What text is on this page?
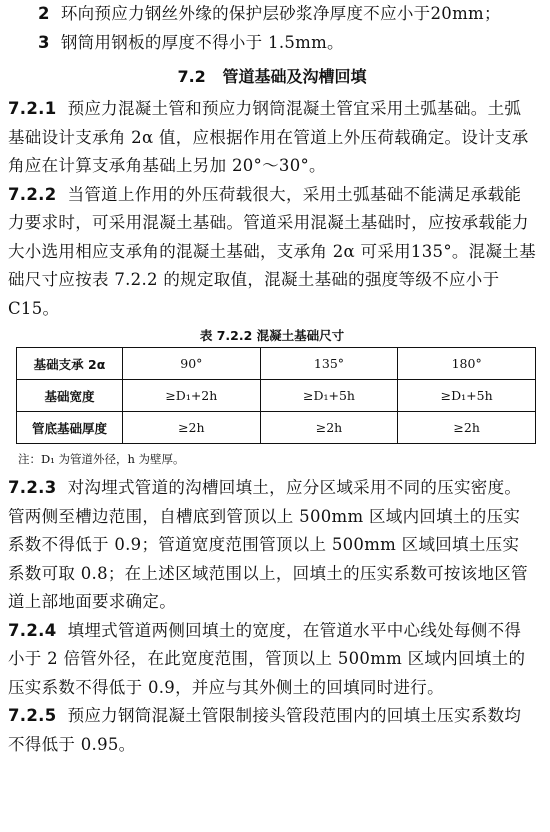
2 环向预应力钢丝外缘的保护层砂浆净厚度不应小于20mm；

3 钢筒用钢板的厚度不得小于 1.5mm。

7.2 管道基础及沟槽回填

7.2.1 预应力混凝土管和预应力钢筒混凝土管宜采用土弧基础。土弧基础设计支承角 2α 值，应根据作用在管道上外压荷载确定。设计支承角应在计算支承角基础上另加 20°～30°。

7.2.2 当管道上作用的外压荷载很大，采用土弧基础不能满足承载能力要求时，可采用混凝土基础。管道采用混凝土基础时，应按承载能力大小选用相应支承角的混凝土基础，支承角 2α 可采用135°。混凝土基础尺寸应按表 7.2.2 的规定取值，混凝土基础的强度等级不应小于 C15。

表 7.2.2 混凝土基础尺寸
基础支承 2α	90°	135°	180°
基础宽度	≥D₁+2h	≥D₁+5h	≥D₁+5h
管底基础厚度	≥2h	≥2h	≥2h
注：D₁ 为管道外径，h 为壁厚。

7.2.3 对沟埋式管道的沟槽回填土，应分区域采用不同的压实密度。管两侧至槽边范围，自槽底到管顶以上 500mm 区域内回填土的压实系数不得低于 0.9；管道宽度范围管顶以上 500mm 区域回填土压实系数可取 0.8；在上述区域范围以上，回填土的压实系数可按该地区管道上部地面要求确定。

7.2.4 填埋式管道两侧回填土的宽度，在管道水平中心线处每侧不得小于 2 倍管外径，在此宽度范围，管顶以上 500mm 区域内回填土的压实系数不得低于 0.9，并应与其外侧土的回填同时进行。

7.2.5 预应力钢筒混凝土管限制接头管段范围内的回填土压实系数均不得低于 0.95。
